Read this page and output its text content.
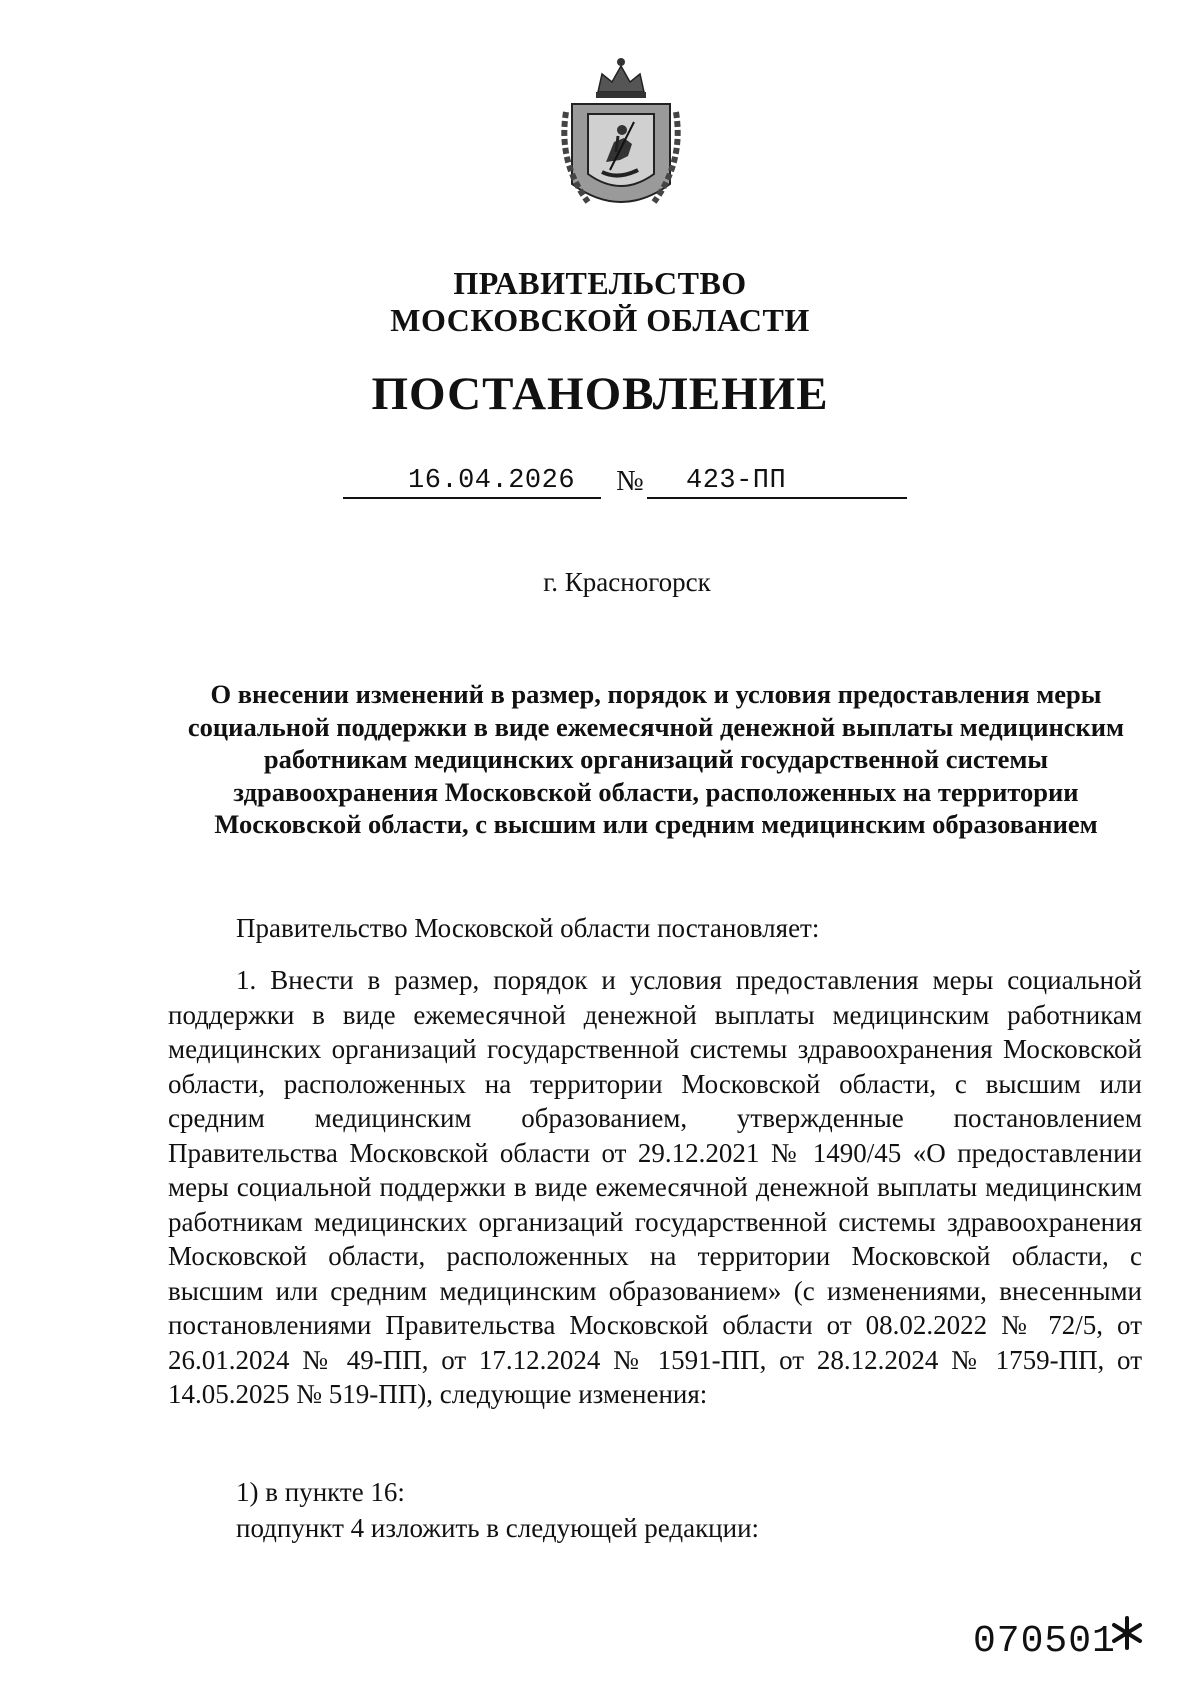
ПРАВИТЕЛЬСТВО
МОСКОВСКОЙ ОБЛАСТИ
ПОСТАНОВЛЕНИЕ
16.04.2026 № 423-ПП
г. Красногорск
О внесении изменений в размер, порядок и условия предоставления меры социальной поддержки в виде ежемесячной денежной выплаты медицинским работникам медицинских организаций государственной системы здравоохранения Московской области, расположенных на территории Московской области, с высшим или средним медицинским образованием
Правительство Московской области постановляет:

1. Внести в размер, порядок и условия предоставления меры социальной поддержки в виде ежемесячной денежной выплаты медицинским работникам медицинских организаций государственной системы здравоохранения Московской области, расположенных на территории Московской области, с высшим или средним медицинским образованием, утвержденные постановлением Правительства Московской области от 29.12.2021 № 1490/45 «О предоставлении меры социальной поддержки в виде ежемесячной денежной выплаты медицинским работникам медицинских организаций государственной системы здравоохранения Московской области, расположенных на территории Московской области, с высшим или средним медицинским образованием» (с изменениями, внесенными постановлениями Правительства Московской области от 08.02.2022 № 72/5, от 26.01.2024 № 49-ПП, от 17.12.2024 № 1591-ПП, от 28.12.2024 № 1759-ПП, от 14.05.2025 № 519-ПП), следующие изменения:

1) в пункте 16:
подпункт 4 изложить в следующей редакции:
070501
